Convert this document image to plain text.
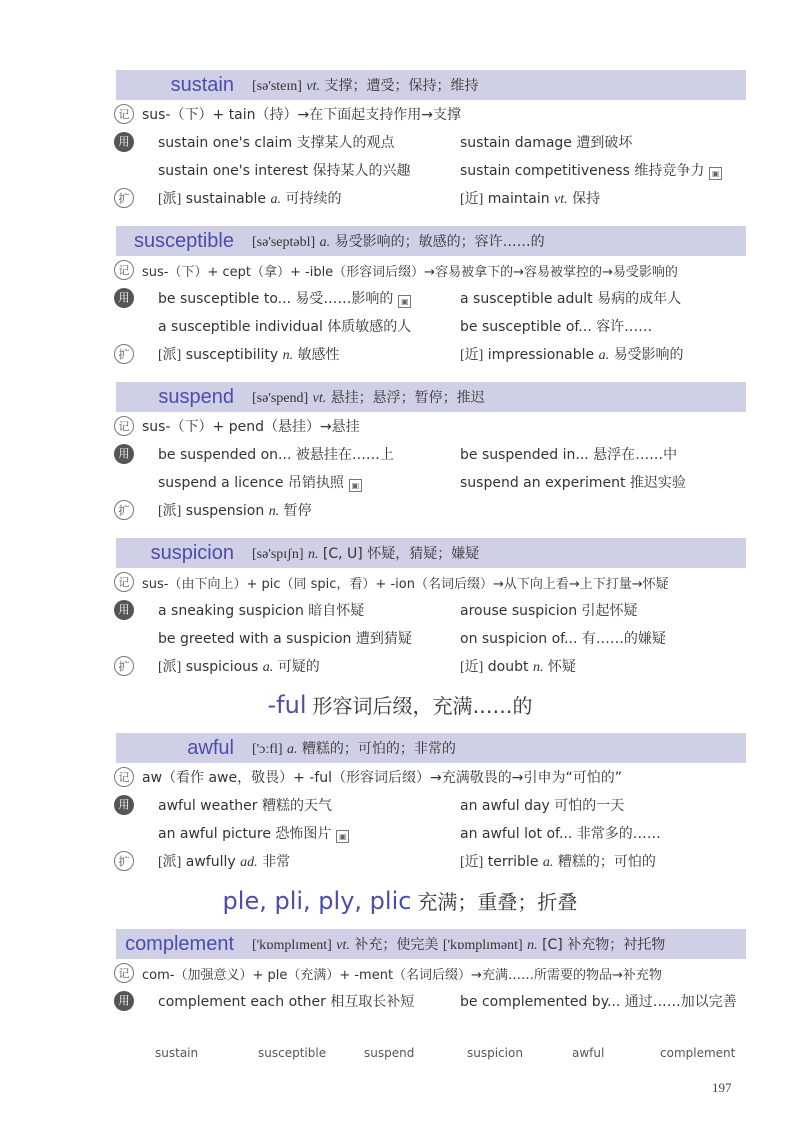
sustain	[sə'steɪn] vt. 支撑；遭受；保持；维持
记 sus-（下）+ tain（持）→在下面起支持作用→支撑
用	sustain one's claim 支撑某人的观点	sustain damage 遭到破坏
sustain one's interest 保持某人的兴趣	sustain competitiveness 维持竞争力 ▣
扩	[派] sustainable a. 可持续的	[近] maintain vt. 保持
susceptible	[sə'septəbl] a. 易受影响的；敏感的；容许……的
记 sus-（下）+ cept（拿）+ -ible（形容词后缀）→容易被拿下的→容易被掌控的→易受影响的
用	be susceptible to... 易受……影响的 ▣	a susceptible adult 易病的成年人
a susceptible individual 体质敏感的人	be susceptible of... 容许……
扩	[派] susceptibility n. 敏感性	[近] impressionable a. 易受影响的
suspend	[sə'spend] vt. 悬挂；悬浮；暂停；推迟
记 sus-（下）+ pend（悬挂）→悬挂
用	be suspended on... 被悬挂在……上	be suspended in... 悬浮在……中
suspend a licence 吊销执照 ▣	suspend an experiment 推迟实验
扩	[派] suspension n. 暂停
suspicion	[sə'spɪʃn] n. [C, U] 怀疑，猜疑；嫌疑
记 sus-（由下向上）+ pic（同 spic，看）+ -ion（名词后缀）→从下向上看→上下打量→怀疑
用	a sneaking suspicion 暗自怀疑	arouse suspicion 引起怀疑
be greeted with a suspicion 遭到猜疑	on suspicion of... 有……的嫌疑
扩	[派] suspicious a. 可疑的	[近] doubt n. 怀疑
-ful 形容词后缀，充满……的
awful	['ɔːfl] a. 糟糕的；可怕的；非常的
记 aw（看作 awe，敬畏）+ -ful（形容词后缀）→充满敬畏的→引申为“可怕的”
用	awful weather 糟糕的天气	an awful day 可怕的一天
an awful picture 恐怖图片 ▣	an awful lot of... 非常多的……
扩	[派] awfully ad. 非常	[近] terrible a. 糟糕的；可怕的
ple, pli, ply, plic 充满；重叠；折叠
complement	['kɒmplɪment] vt. 补充；使完美 ['kɒmplɪmənt] n. [C] 补充物；衬托物
记 com-（加强意义）+ ple（充满）+ -ment（名词后缀）→充满……所需要的物品→补充物
用	complement each other 相互取长补短	be complemented by... 通过……加以完善
sustain	susceptible	suspend	suspicion	awful	complement
197
